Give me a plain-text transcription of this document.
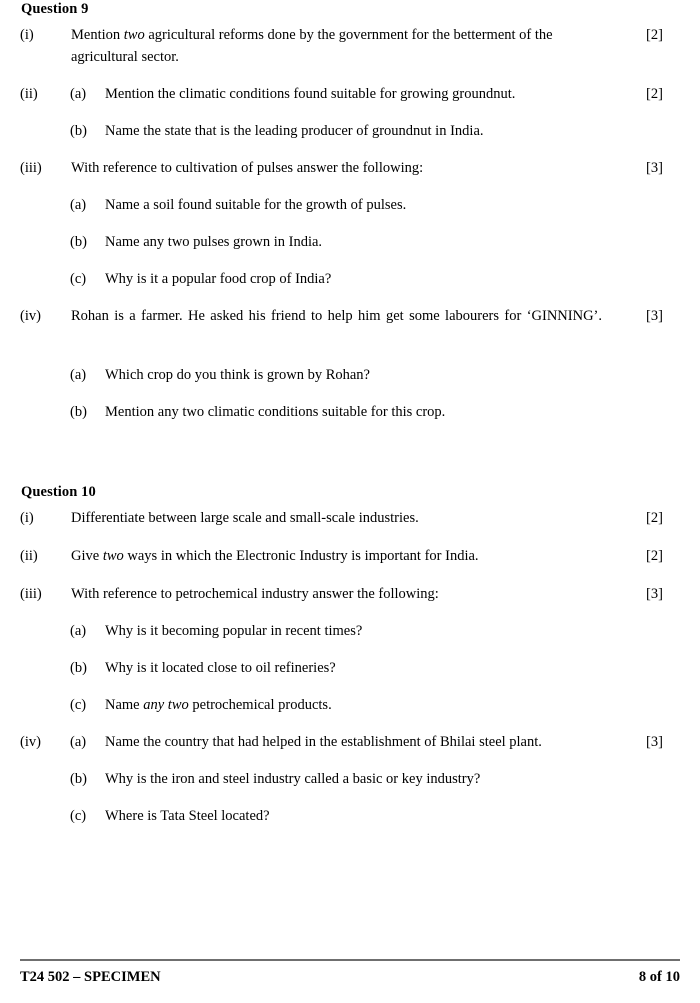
Question 9
(i)	[2]
Mention two agricultural reforms done by the government for the betterment of the agricultural sector.
(ii)	(a)	[2]
Mention the climatic conditions found suitable for growing groundnut.
(b)	Name the state that is the leading producer of groundnut in India.
(iii)	[3]
With reference to cultivation of pulses answer the following:
(a)	Name a soil found suitable for the growth of pulses.
(b)	Name any two pulses grown in India.
(c)	Why is it a popular food crop of India?
(iv)	[3]
Rohan is a farmer. He asked his friend to help him get some labourers for ‘GINNING’.
(a)	Which crop do you think is grown by Rohan?
(b)	Mention any two climatic conditions suitable for this crop.
Question 10
(i)	[2]
Differentiate between large scale and small-scale industries.
(ii)	[2]
Give two ways in which the Electronic Industry is important for India.
(iii)	[3]
With reference to petrochemical industry answer the following:
(a)	Why is it becoming popular in recent times?
(b)	Why is it located close to oil refineries?
(c)	Name any two petrochemical products.
(iv)	(a)	[3]
Name the country that had helped in the establishment of Bhilai steel plant.
(b)	Why is the iron and steel industry called a basic or key industry?
(c)	Where is Tata Steel located?
T24 502 – SPECIMEN	8 of 10
